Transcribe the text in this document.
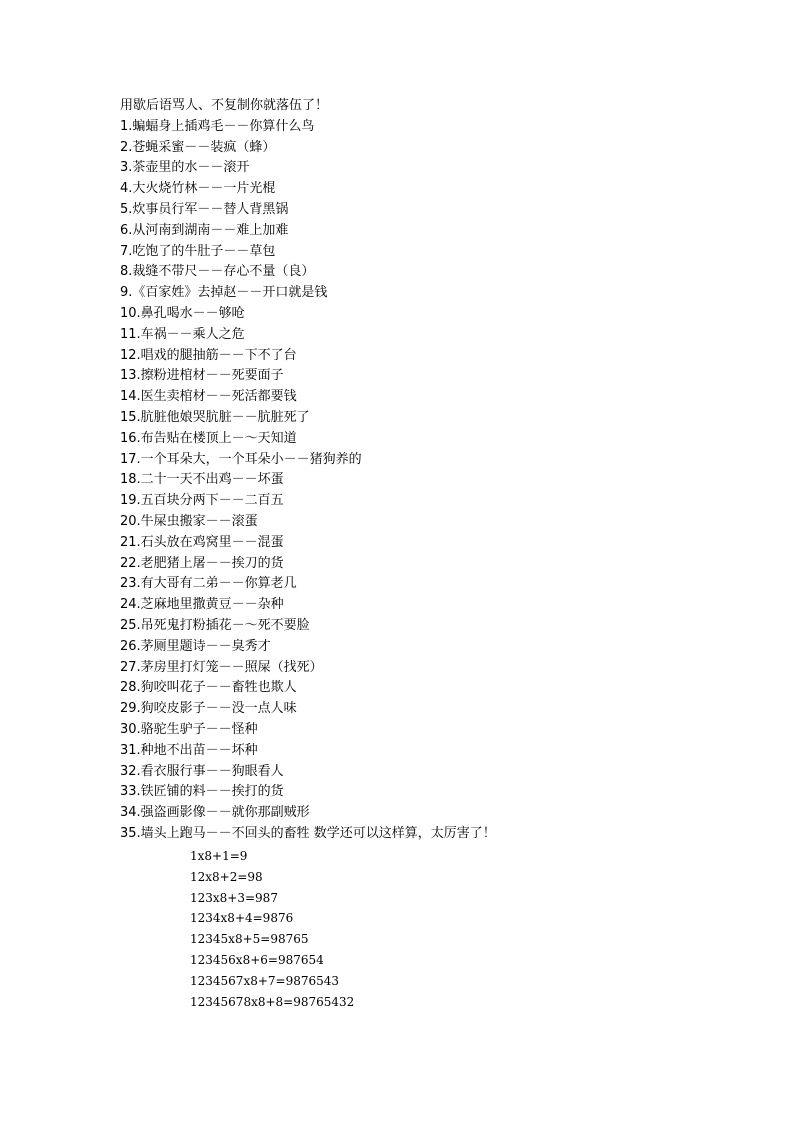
用歇后语骂人、不复制你就落伍了！
1.蝙蝠身上插鸡毛－－你算什么鸟
2.苍蝇采蜜－－装疯（蜂）
3.茶壶里的水－－滚开
4.大火烧竹林－－一片光棍
5.炊事员行军－－替人背黑锅
6.从河南到湖南－－难上加难
7.吃饱了的牛肚子－－草包
8.裁缝不带尺－－存心不量（良）
9.《百家姓》去掉赵－－开口就是钱
10.鼻孔喝水－－够呛
11.车祸－－乘人之危
12.唱戏的腿抽筋－－下不了台
13.擦粉进棺材－－死要面子
14.医生卖棺材－－死活都要钱
15.肮脏他娘哭肮脏－－肮脏死了
16.布告贴在楼顶上－～天知道
17.一个耳朵大，一个耳朵小－－猪狗养的
18.二十一天不出鸡－－坏蛋
19.五百块分两下－－二百五
20.牛屎虫搬家－－滚蛋
21.石头放在鸡窝里－－混蛋
22.老肥猪上屠－－挨刀的货
23.有大哥有二弟－－你算老几
24.芝麻地里撒黄豆－－杂种
25.吊死鬼打粉插花－～死不要脸
26.茅厕里题诗－－臭秀才
27.茅房里打灯笼－－照屎（找死）
28.狗咬叫花子－－畜牲也欺人
29.狗咬皮影子－－没一点人味
30.骆驼生驴子－－怪种
31.种地不出苗－－坏种
32.看衣服行事－－狗眼看人
33.铁匠铺的料－－挨打的货
34.强盗画影像－－就你那副贼形
35.墙头上跑马－－不回头的畜牲 数学还可以这样算，太厉害了！
1x8+1=9
12x8+2=98
123x8+3=987
1234x8+4=9876
12345x8+5=98765
123456x8+6=987654
1234567x8+7=9876543
12345678x8+8=98765432
